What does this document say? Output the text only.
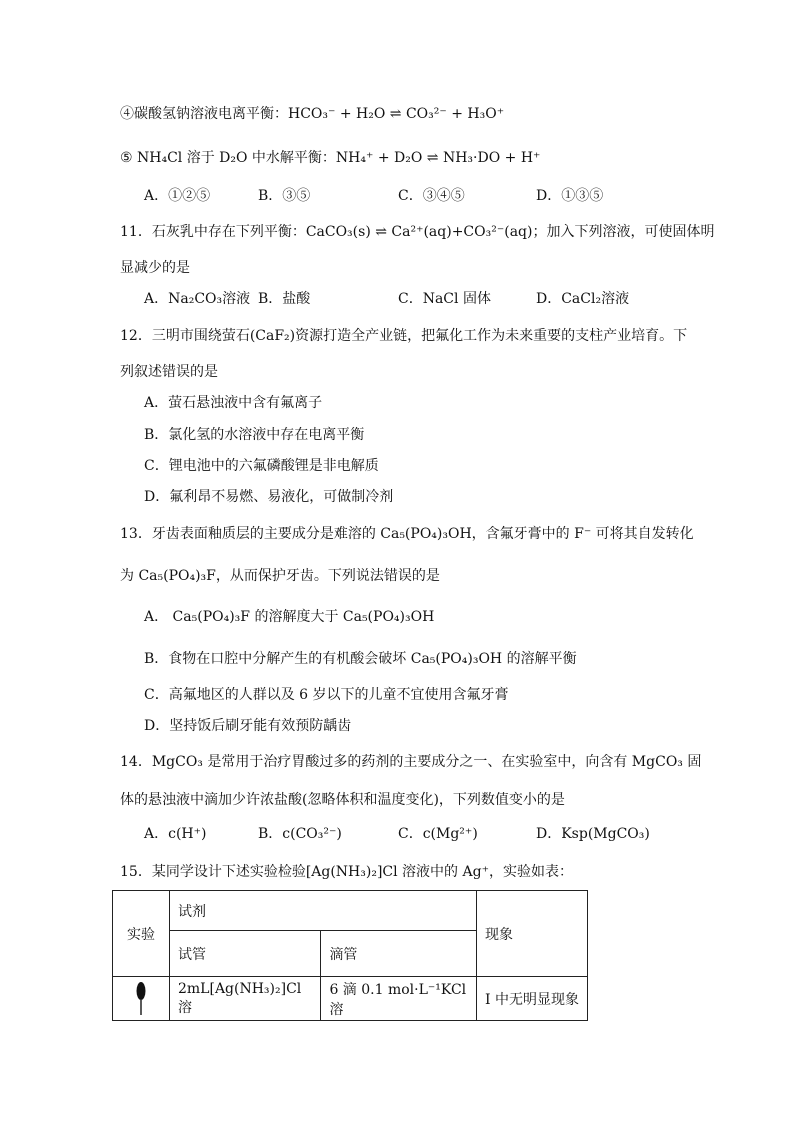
④碳酸氢钠溶液电离平衡：HCO₃⁻ + H₂O ⇌ CO₃²⁻ + H₃O⁺
⑤ NH₄Cl 溶于 D₂O 中水解平衡：NH₄⁺ + D₂O ⇌ NH₃·DO + H⁺
A．①②⑤	B．③⑤	C．③④⑤	D．①③⑤
11．石灰乳中存在下列平衡：CaCO₃(s) ⇌ Ca²⁺(aq)+CO₃²⁻(aq)；加入下列溶液，可使固体明
显减少的是
A．Na₂CO₃溶液 B．盐酸	C．NaCl 固体	D．CaCl₂溶液
12．三明市围绕萤石(CaF₂)资源打造全产业链，把氟化工作为未来重要的支柱产业培育。下
列叙述错误的是
A．萤石悬浊液中含有氟离子
B．氯化氢的水溶液中存在电离平衡
C．锂电池中的六氟磷酸锂是非电解质
D．氟利昂不易燃、易液化，可做制冷剂
13．牙齿表面釉质层的主要成分是难溶的 Ca₅(PO₄)₃OH，含氟牙膏中的 F⁻ 可将其自发转化
为 Ca₅(PO₄)₃F，从而保护牙齿。下列说法错误的是
A． Ca₅(PO₄)₃F 的溶解度大于 Ca₅(PO₄)₃OH
B．食物在口腔中分解产生的有机酸会破坏 Ca₅(PO₄)₃OH 的溶解平衡
C．高氟地区的人群以及 6 岁以下的儿童不宜使用含氟牙膏
D．坚持饭后刷牙能有效预防龋齿
14．MgCO₃ 是常用于治疗胃酸过多的药剂的主要成分之一、在实验室中，向含有 MgCO₃ 固
体的悬浊液中滴加少许浓盐酸(忽略体积和温度变化)，下列数值变小的是
A．c(H⁺)	B．c(CO₃²⁻)	C．c(Mg²⁺)	D．Ksp(MgCO₃)
15．某同学设计下述实验检验[Ag(NH₃)₂]Cl 溶液中的 Ag⁺，实验如表：
实验	试剂		现象
	试管	滴管	

	2mL[Ag(NH₃)₂]Cl 溶	6 滴 0.1 mol·L⁻¹KCl 溶	I 中无明显现象
